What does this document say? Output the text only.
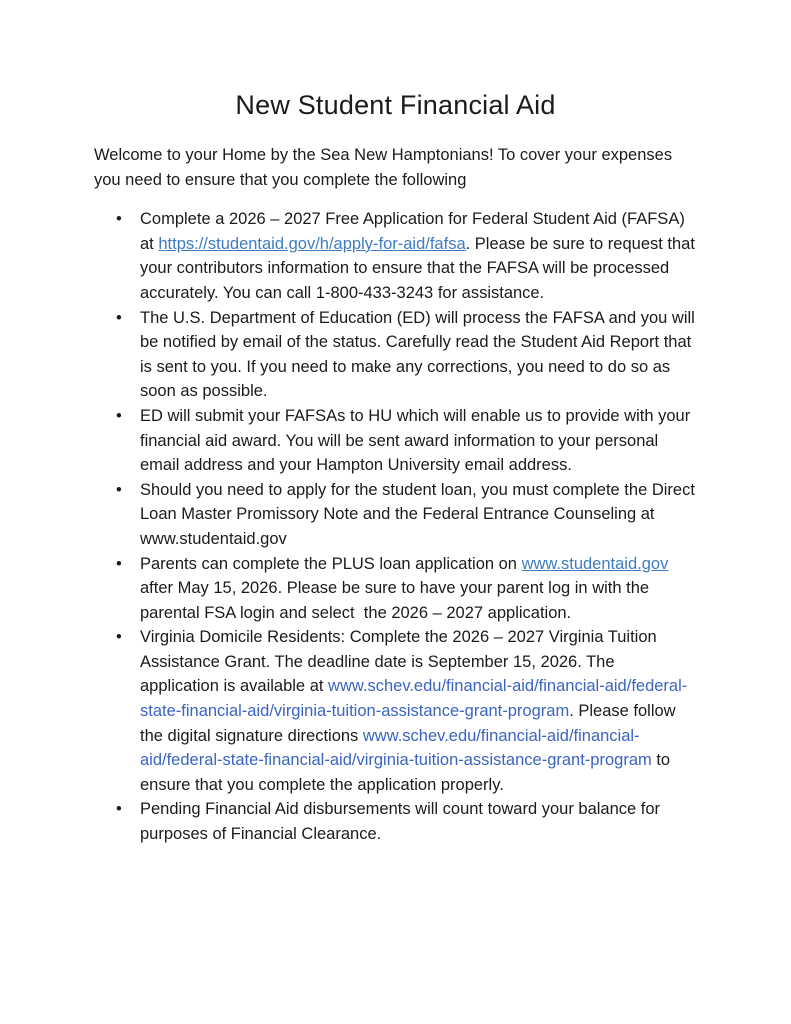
New Student Financial Aid

Welcome to your Home by the Sea New Hamptonians! To cover your expenses you need to ensure that you complete the following

• Complete a 2026 – 2027 Free Application for Federal Student Aid (FAFSA) at https://studentaid.gov/h/apply-for-aid/fafsa. Please be sure to request that your contributors information to ensure that the FAFSA will be processed accurately. You can call 1-800-433-3243 for assistance.
• The U.S. Department of Education (ED) will process the FAFSA and you will be notified by email of the status. Carefully read the Student Aid Report that is sent to you. If you need to make any corrections, you need to do so as soon as possible.
• ED will submit your FAFSAs to HU which will enable us to provide with your financial aid award. You will be sent award information to your personal email address and your Hampton University email address.
• Should you need to apply for the student loan, you must complete the Direct Loan Master Promissory Note and the Federal Entrance Counseling at www.studentaid.gov
• Parents can complete the PLUS loan application on www.studentaid.gov after May 15, 2026. Please be sure to have your parent log in with the parental FSA login and select  the 2026 – 2027 application.
• Virginia Domicile Residents: Complete the 2026 – 2027 Virginia Tuition Assistance Grant. The deadline date is September 15, 2026. The application is available at www.schev.edu/financial-aid/financial-aid/federal-state-financial-aid/virginia-tuition-assistance-grant-program. Please follow the digital signature directions www.schev.edu/financial-aid/financial-aid/federal-state-financial-aid/virginia-tuition-assistance-grant-program to ensure that you complete the application properly.
• Pending Financial Aid disbursements will count toward your balance for purposes of Financial Clearance.
